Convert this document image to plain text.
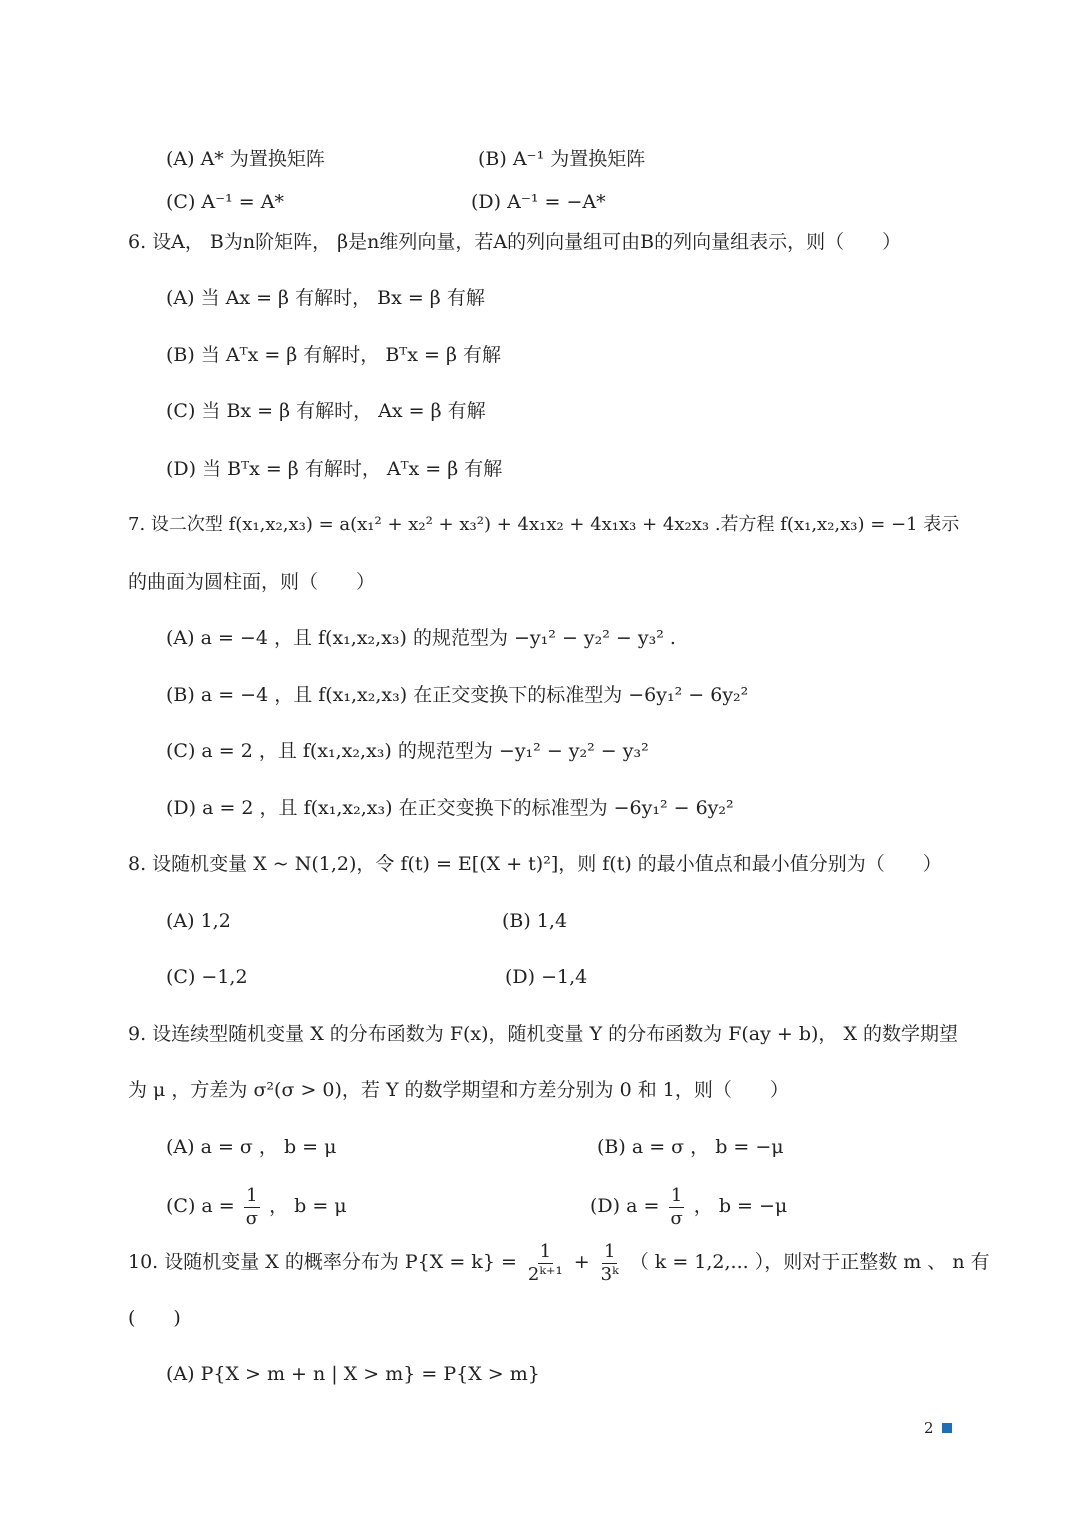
(A) A* 为置换矩阵	(B) A⁻¹ 为置换矩阵
(C) A⁻¹ = A*	(D) A⁻¹ = −A*
6. 设A， B为n阶矩阵， β是n维列向量，若A的列向量组可由B的列向量组表示，则（　　）
(A) 当 Ax = β 有解时， Bx = β 有解
(B) 当 Aᵀx = β 有解时， Bᵀx = β 有解
(C) 当 Bx = β 有解时， Ax = β 有解
(D) 当 Bᵀx = β 有解时， Aᵀx = β 有解
7. 设二次型 f(x₁,x₂,x₃) = a(x₁² + x₂² + x₃²) + 4x₁x₂ + 4x₁x₃ + 4x₂x₃ .若方程 f(x₁,x₂,x₃) = −1 表示
的曲面为圆柱面，则（　　）
(A) a = −4 ，且 f(x₁,x₂,x₃) 的规范型为 −y₁² − y₂² − y₃² .
(B) a = −4 ，且 f(x₁,x₂,x₃) 在正交变换下的标准型为 −6y₁² − 6y₂²
(C) a = 2 ，且 f(x₁,x₂,x₃) 的规范型为 −y₁² − y₂² − y₃²
(D) a = 2 ，且 f(x₁,x₂,x₃) 在正交变换下的标准型为 −6y₁² − 6y₂²
8. 设随机变量 X ~ N(1,2)，令 f(t) = E[(X + t)²]，则 f(t) 的最小值点和最小值分别为（　　）
(A) 1,2	(B) 1,4
(C) −1,2	(D) −1,4
9. 设连续型随机变量 X 的分布函数为 F(x)，随机变量 Y 的分布函数为 F(ay + b)， X 的数学期望
为 μ ，方差为 σ²(σ > 0)，若 Y 的数学期望和方差分别为 0 和 1，则（　　）
(A) a = σ ， b = μ	(B) a = σ ， b = −μ
(C) $a = \frac{1}{\sigma}$ ， b = μ	(D) $a = \frac{1}{\sigma}$ ， b = −μ
10. 设随机变量 X 的概率分布为 $P\{X = k\} = \frac{1}{\text{2ᵏ⁺¹}} + \frac{1}{\text{3ᵏ}}$ （ k = 1,2,... ），则对于正整数 m 、 n 有
(　　)
(A) P{X > m + n | X > m} = P{X > m}
2
